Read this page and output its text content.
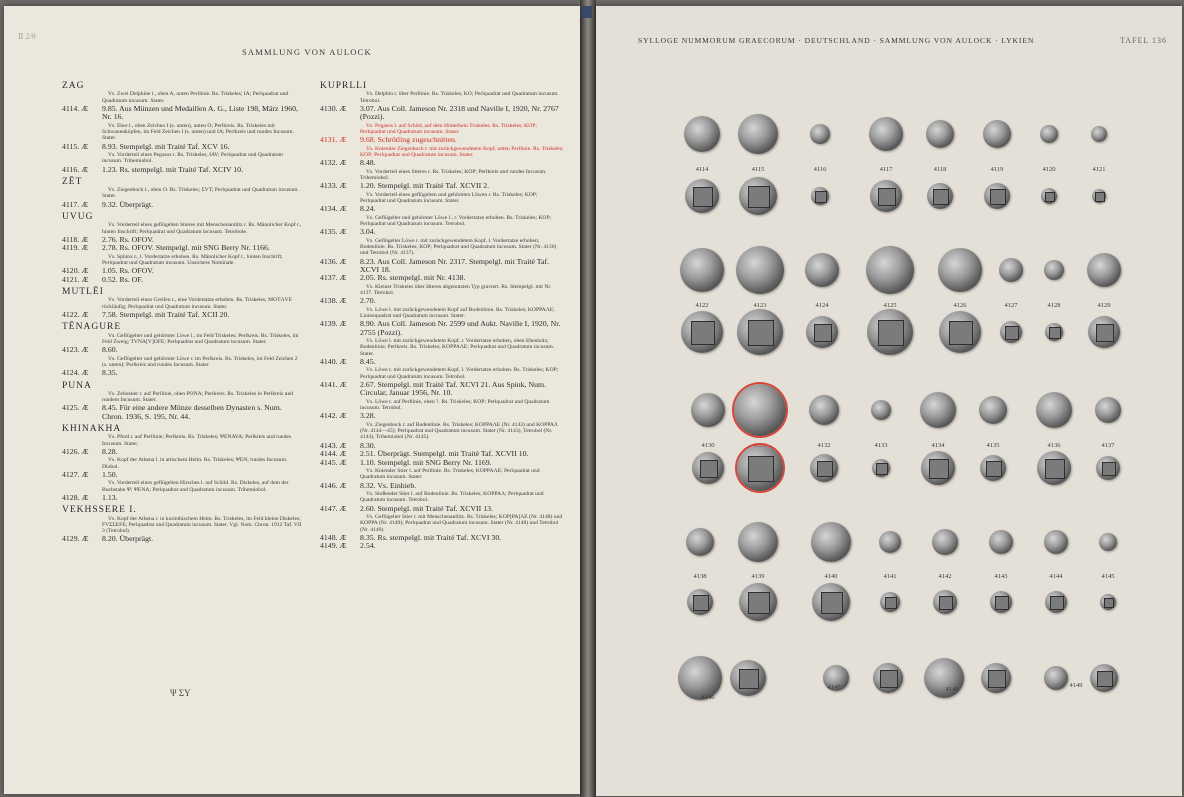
Ⅱ 2/9
SAMMLUNG VON AULOCK
ZAG
Vs. Zwei Delphine l., oben A, unten Perllinie. Rs. Triskeles; IA; Perlquadrat und Quadratum incusum. Stater.
4114. Æ	9.85. Aus Münzen und Medaillen A. G., Liste 198, März 1960, Nr. 16.
Vs. Eber l., oben Zeichen I (s. unten), unten O; Perlkreis. Rs. Triskeles mit Schwanenköpfen, im Feld Zeichen I (s. unten) und IA; Perlkreis und rundes Incusum. Stater.
4115. Æ	8.93. Stempelgl. mit Traité Taf. XCV 16.
Vs. Vorderteil eines Pegasos r. Rs. Triskeles; IAV; Perlquadrat und Quadratum incusum. Trihemiobol.
4116. Æ	1.23. Rs. stempelgl. mit Traité Taf. XCIV 10.
ZĒT
Vs. Ziegenbock l., oben O. Rs. Triskeles; ΣVT; Perlquadrat und Quadratum incusum. Stater.
4117. Æ	9.32. Überprägt.
UVUG
Vs. Vorderteil eines geflügelten Stieres mit Menschenantlitz r. Rs. Männlicher Kopf r., hinten Inschrift; Perlquadrat und Quadratum incusum. Tetrobole.
4118. Æ	2.76. Rs. OFOV.
4119. Æ	2.78. Rs. OFOV. Stempelgl. mit SNG Berry Nr. 1166.
Vs. Sphinx r., l. Vordertatze erhoben. Rs. Männlicher Kopf r., hinten Inschrift; Perlquadrat und Quadratum incusum. Unsichere Nominale.
4120. Æ	1.05. Rs. OFOV.
4121. Æ	0.52. Rs. OF.
MUTLĒI
Vs. Vorderteil eines Greifen r., eine Vordertatze erhoben. Rs. Triskeles; MOTΛVE rückläufig; Perlquadrat und Quadratum incusum. Stater.
4122. Æ	7.58. Stempelgl. mit Traité Taf. XCII 20.
TĒNAGURE
Vs. Geflügelter und gehörnter Löwe l., im Feld Triskeles; Perlkreis. Rs. Triskeles, im Feld Zweig; TVNA[V]OFE; Perlquadrat und Quadratum incusum. Stater.
4123. Æ	8.60.
Vs. Geflügelter und gehörnter Löwe r. im Perlkreis. Rs. Triskeles, im Feld Zeichen 2 (s. unten); Perlkreis und rundes Incusum. Stater.
4124. Æ	8.35.
PUNA
Vs. Zebustier r. auf Perllinie, oben PONA; Perlkreis. Rs. Triskeles in Perlkreis und rundem Incusum. Stater.
4125. Æ	8.45. Für eine andere Münze desselben Dynasten s. Num. Chron. 1936, S. 195, Nr. 44.
KHINAKHA
Vs. Pferd r. auf Perllinie; Perlkreis. Rs. Triskeles; ΨENAVA; Perlkreis und rundes Incusum. Stater.
4126. Æ	8.28.
Vs. Kopf der Athena l. in attischem Helm. Rs. Triskeles; ΨEN; rundes Incusum. Diobol.
4127. Æ	1.50.
Vs. Vorderteil eines geflügelten Hirsches l. auf Schild. Rs. Diskeles, auf dem der Buchstabe Ψ; ΨENA; Perlquadrat und Quadratum incusum. Trihemiobol.
4128. Æ	1.13.
VEKHSSERE I.
Vs. Kopf der Athena r. in korinthischem Helm. Rs. Triskeles, im Feld kleine Diskeles; FVΣΣEFE; Perlquadrat und Quadratum incusum. Stater. Vgl. Num. Chron. 1912 Taf. VII 3 (Tetrobol).
4129. Æ	8.20. Überprägt.
KUPRLLI
Vs. Delphin r. über Perllinie. Rs. Triskeles; KO; Perlquadrat und Quadratum incusum. Tetrobol.
4130. Æ	3.07. Aus Coll. Jameson Nr. 2318 und Naville I, 1920, Nr. 2767 (Pozzi).
Vs. Pegasos l. auf Schild, auf dem Hinterbein Triskeles. Rs. Triskeles; KOP; Perlquadrat und Quadratum incusum. Stater.
4131. Æ	9.68. Schrötling zugeschnitten.
Vs. Kniender Ziegenbock r. mit zurückgewendetem Kopf, unten Perllinie. Rs. Triskeles; KOP; Perlquadrat und Quadratum incusum. Stater.
4132. Æ	8.48.
Vs. Vorderteil eines Stieres r. Rs. Triskeles; KOP; Perlkreis und rundes Incusum. Trihemiobol.
4133. Æ	1.20. Stempelgl. mit Traité Taf. XCVII 2.
Vs. Vorderteil eines geflügelten und gehörnten Löwen r. Rs. Triskeles; KOP; Perlquadrat und Quadratum incusum. Stater.
4134. Æ	8.24.
Vs. Geflügelter und gehörnter Löwe l., r. Vordertatze erhoben. Rs. Triskeles; KOP; Perlquadrat und Quadratum incusum. Tetrobol.
4135. Æ	3.04.
Vs. Geflügelter Löwe r. mit zurückgewendetem Kopf, l. Vordertatze erhoben; Bodenlinie. Rs. Triskeles; KOP; Perlquadrat und Quadratum incusum. Stater (Nr. 4136) und Tetrobol (Nr. 4137).
4136. Æ	8.23. Aus Coll. Jameson Nr. 2317. Stempelgl. mit Traité Taf. XCVI 18.
4137. Æ	2.05. Rs. stempelgl. mit Nr. 4138.
Vs. Kleiner Triskeles über älteren abgenutzten Typ graviert. Rs. Stempelgl. mit Nr. 4137. Tetrobol.
4138. Æ	2.70.
Vs. Löwe l. mit zurückgewendetem Kopf auf Bodenlinie. Rs. Triskeles; KOPPAΛE; Linienquadrat und Quadratum incusum. Stater.
4139. Æ	8.90. Aus Coll. Jameson Nr. 2599 und Aukt. Naville I, 1920, Nr. 2755 (Pozzi).
Vs. Löwe l. mit zurückgewendetem Kopf, r. Vordertatze erhoben, oben Ebenholz; Bodenlinie; Perlkreis. Rs. Triskeles; KOPPAΛE; Perlquadrat und Quadratum incusum. Stater.
4140. Æ	8.45.
Vs. Löwe r. mit zurückgewendetem Kopf, l. Vordertatze erhoben. Rs. Triskeles; KOP; Perlquadrat und Quadratum incusum. Tetrobol.
4141. Æ	2.67. Stempelgl. mit Traité Taf. XCVI 21. Aus Spink, Num. Circular, Januar 1956, Nr. 10.
Vs. Löwe r. auf Perllinie, oben ?. Rs. Triskeles; KOP; Perlquadrat und Quadratum incusum. Tetrobol.
4142. Æ	3.28.
Vs. Ziegenbock r. auf Bodenlinie. Rs. Triskeles; KOPPAΛE (Nr. 4143) und KOPPAΛ (Nr. 4144—45); Perlquadrat und Quadratum incusum. Stater (Nr. 4143), Tetrobol (Nr. 4144), Trihemiobol (Nr. 4145).
4143. Æ	8.30.
4144. Æ	2.51. Überprägt. Stempelgl. mit Traité Taf. XCVII 10.
4145. Æ	1.10. Stempelgl. mit SNG Berry Nr. 1169.
Vs. Kniender Stier l. auf Perllinie. Rs. Triskeles; KOPPAΛE; Perlquadrat und Quadratum incusum. Stater.
4146. Æ	8.32. Vs. Einhieb.
Vs. Stoßender Stier l. auf Bodenlinie. Rs. Triskeles; KOPPAΛ; Perlquadrat und Quadratum incusum. Tetrobol.
4147. Æ	2.60. Stempelgl. mit Traité Taf. XCVII 13.
Vs. Geflügelter Stier r. mit Menschenantlitz. Rs. Triskeles; KOP[PA]ΛE (Nr. 4148) und KOPPA (Nr. 4149); Perlquadrat und Quadratum incusum. Stater (Nr. 4148) und Tetrobol (Nr. 4149).
4148. Æ	8.35. Rs. stempelgl. mit Traité Taf. XCVI 30.
4149. Æ	2.54.
Ψ ΣΥ
SYLLOGE NUMMORUM GRAECORUM · DEUTSCHLAND · SAMMLUNG VON AULOCK · LYKIEN	TAFEL 136
4114	4115	4116	4117	4118	4119	4120	4121
4122	4123	4124	4125	4126	4127	4128	4129
4130	4131	4132	4133	4134	4135	4136	4137
4138	4139	4140	4141	4142	4143	4144	4145
4146
4147	4148
4149
